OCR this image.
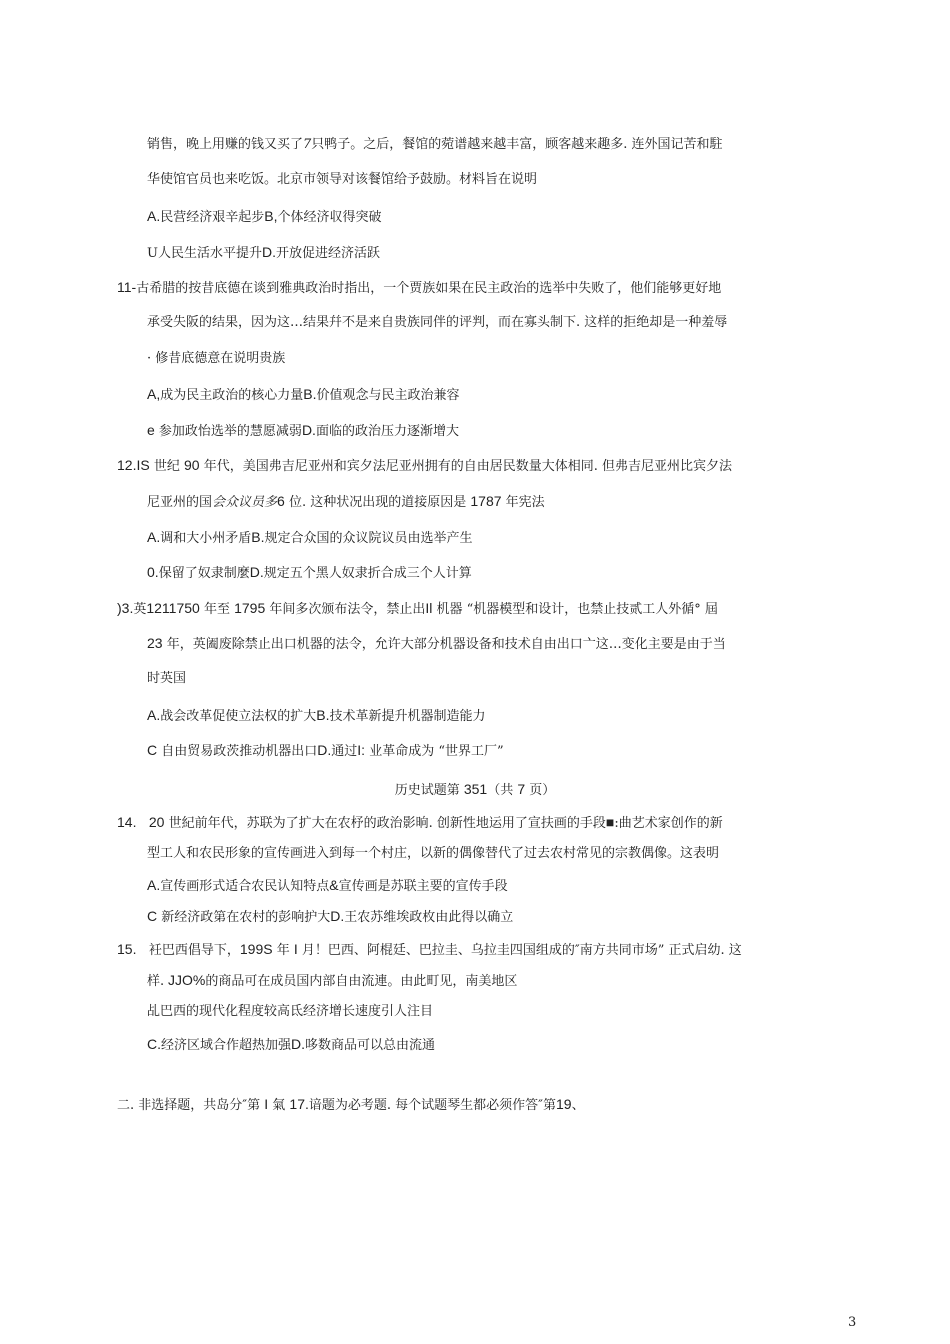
销售，晚上用赚的钱又买了7只鸭子。之后，餐馆的菀谱越来越丰富，顾客越来趣多. 连外国记苦和駐
华使馆官员也来吃饭。北京市领导对该餐馆给予鼓励。材料旨在说明
A.民营经济艰辛起步B,个体经济収得突破
U人民生活水平提升D.开放促进经济活跃
11-古希腊的按昔底德在谈到雅典政治时指出，一个贾族如果在民主政治的选举中失败了，他们能够更好地
承受失阪的结果，因为这…结果幷不是来自贵族同伴的评判，而在寡头制下. 这样的拒绝却是一种羞辱
· 修昔底德意在说明贵族
A,成为民主政治的核心力量B.价值观念与民主政治兼容
e 参加政怡选举的慧愿减弱D.面临的政治压力逐渐增大
12.IS 世纪 90 年代，美国弗吉尼亚州和宾夕法尼亚州拥有的自由居民数量大体相同. 但弗吉尼亚州比宾夕法
尼亚州的国会众议员多6 位. 这种状况出现的道接原因是 1787 年宪法
A.调和大小州矛盾B.规定合众国的众议院议员由选举产生
0.保留了奴隶制麼D.规定五个黑人奴隶折合成三个人计算
)3.英1211750 年至 1795 年间多次颁布法令，禁止出Il 机器 “机器模型和设计，也禁止技贰工人外循° 屆
23 年，英阖废除禁止出口机器的法令，允许大部分机器设备和技术自由出口亠这…变化主要是由于当
时英国
A.战会改革促使立法权的扩大B.技术革新提升机器制造能力
C 自由贸易政茨推动机器出口D.通过I: 业革命成为 “世界工厂”
历史试题第 351（共 7 页）
14. 20 世紀前年代，苏联为了扩大在农杼的政治影晌. 创新性地运用了宣扶画的手段■:曲艺术家创作的新
型工人和农民形象的宣传画进入到每一个村庄，以新的偶像替代了过去农村常见的宗教偶像。这表明
A.宣传画形式适合农民认知特点&宣传画是苏联主要的宣传手段
C 新经济政第在农村的彭响护大D.王农苏维埃政枚由此得以确立
15. 衽巴西倡导下，199S 年 I 月！巴西、阿棍廷、巴拉圭、乌拉圭四国组成的″南方共同市场” 正式启幼. 这
样. JJO%的商品可在成员国内部自由流連。由此町见，南美地区
乩巴西的现代化程度较高氐经济增长速度引人注目
C.经济区域合作超热加强D.哆数商品可以总由流通
二. 非选择题，共岛分″第 I 氣 17.谙题为必考题. 每个试题琴生都必须作答″第19、
3
